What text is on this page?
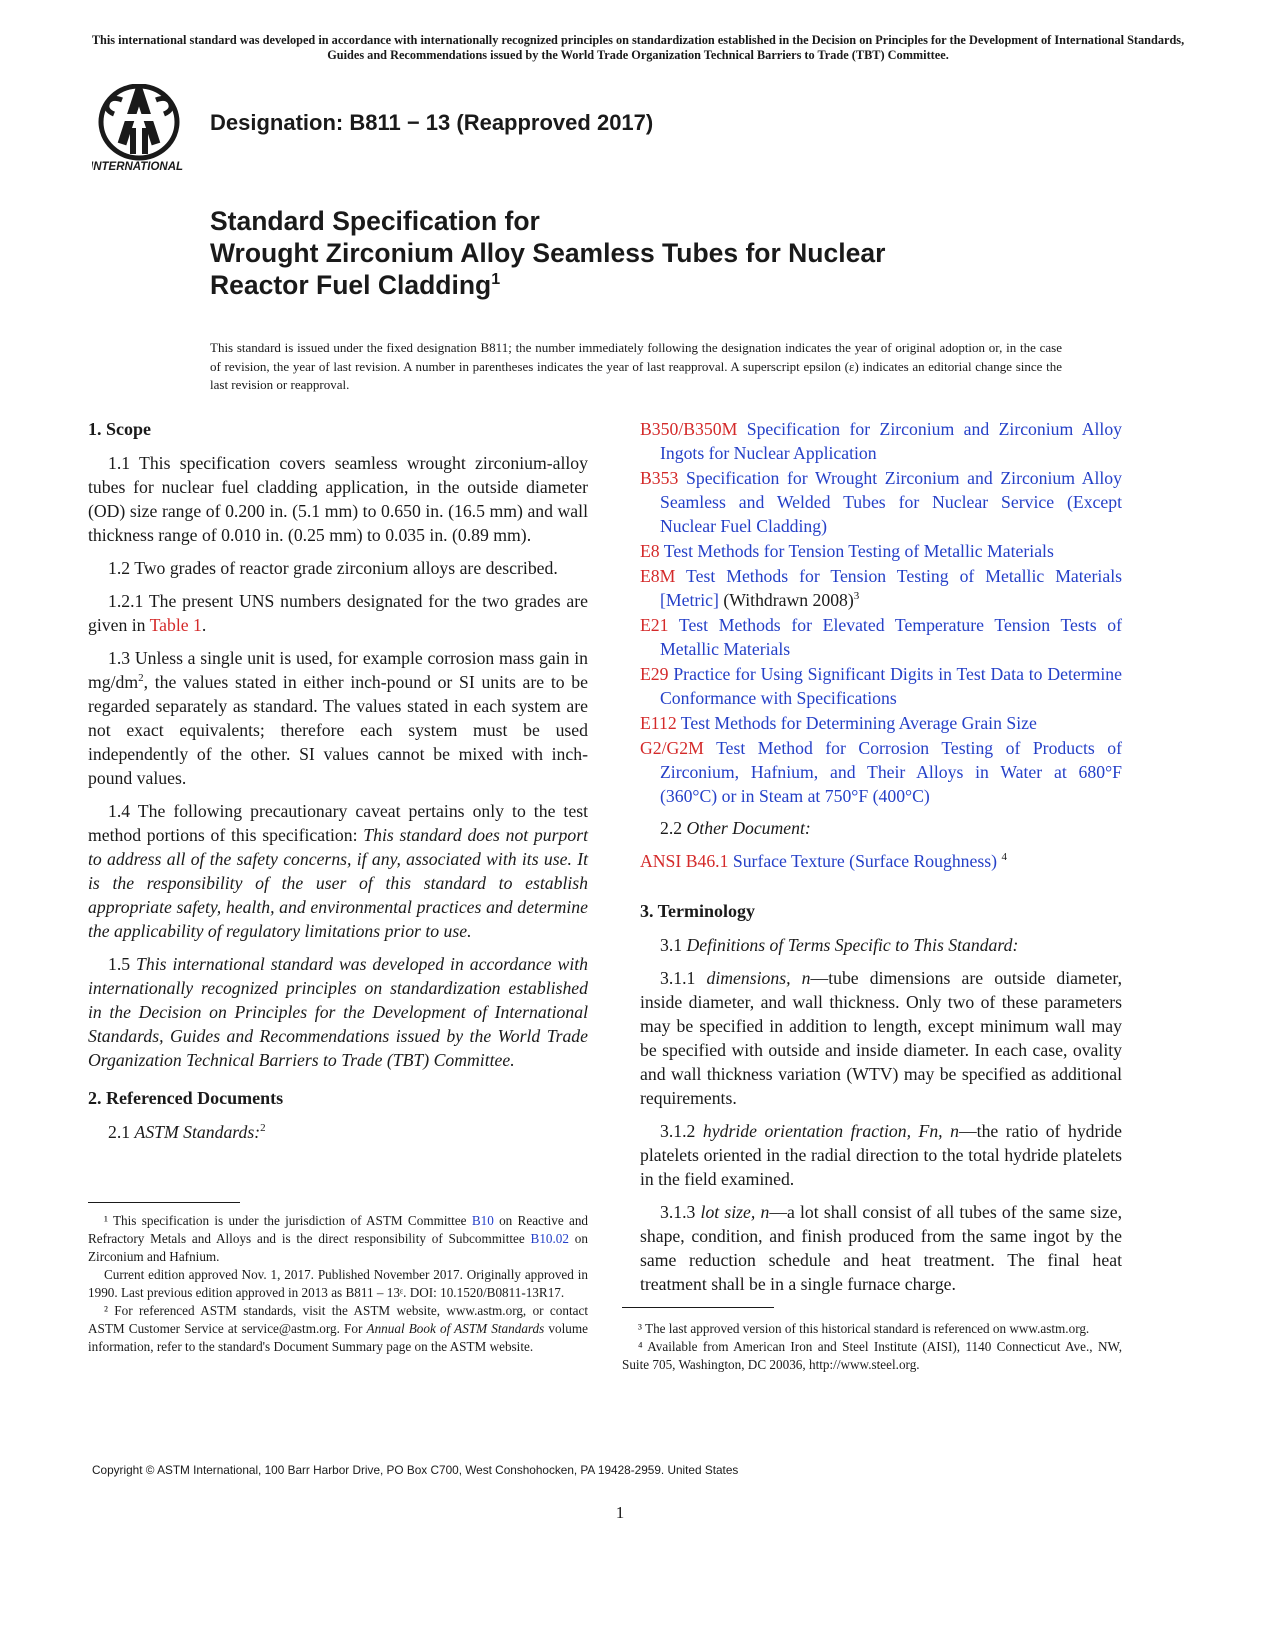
This international standard was developed in accordance with internationally recognized principles on standardization established in the Decision on Principles for the Development of International Standards, Guides and Recommendations issued by the World Trade Organization Technical Barriers to Trade (TBT) Committee.
INTERNATIONAL
Designation: B811 − 13 (Reapproved 2017)
Standard Specification for
Wrought Zirconium Alloy Seamless Tubes for Nuclear
Reactor Fuel Cladding$^1$
This standard is issued under the fixed designation B811; the number immediately following the designation indicates the year of original adoption or, in the case of revision, the year of last revision. A number in parentheses indicates the year of last reapproval. A superscript epsilon (ε) indicates an editorial change since the last revision or reapproval.
1. Scope

1.1 This specification covers seamless wrought zirconium-alloy tubes for nuclear fuel cladding application, in the outside diameter (OD) size range of 0.200 in. (5.1 mm) to 0.650 in. (16.5 mm) and wall thickness range of 0.010 in. (0.25 mm) to 0.035 in. (0.89 mm).

1.2 Two grades of reactor grade zirconium alloys are described.

1.2.1 The present UNS numbers designated for the two grades are given in Table 1.

1.3 Unless a single unit is used, for example corrosion mass gain in $mg/dm^2$, the values stated in either inch-pound or SI units are to be regarded separately as standard. The values stated in each system are not exact equivalents; therefore each system must be used independently of the other. SI values cannot be mixed with inch-pound values.

1.4 The following precautionary caveat pertains only to the test method portions of this specification: This standard does not purport to address all of the safety concerns, if any, associated with its use. It is the responsibility of the user of this standard to establish appropriate safety, health, and environmental practices and determine the applicability of regulatory limitations prior to use.

1.5 This international standard was developed in accordance with internationally recognized principles on standardization established in the Decision on Principles for the Development of International Standards, Guides and Recommendations issued by the World Trade Organization Technical Barriers to Trade (TBT) Committee.

2. Referenced Documents

2.1 ASTM Standards:$^2$

¹ This specification is under the jurisdiction of ASTM Committee B10 on Reactive and Refractory Metals and Alloys and is the direct responsibility of Subcommittee B10.02 on Zirconium and Hafnium.

Current edition approved Nov. 1, 2017. Published November 2017. Originally approved in 1990. Last previous edition approved in 2013 as B811 – 13ᵋ. DOI: 10.1520/B0811-13R17.

² For referenced ASTM standards, visit the ASTM website, www.astm.org, or contact ASTM Customer Service at service@astm.org. For Annual Book of ASTM Standards volume information, refer to the standard's Document Summary page on the ASTM website.

B350/B350M Specification for Zirconium and Zirconium Alloy Ingots for Nuclear Application
B353 Specification for Wrought Zirconium and Zirconium Alloy Seamless and Welded Tubes for Nuclear Service (Except Nuclear Fuel Cladding)
E8 Test Methods for Tension Testing of Metallic Materials
E8M Test Methods for Tension Testing of Metallic Materials [Metric] (Withdrawn 2008)$^3$
E21 Test Methods for Elevated Temperature Tension Tests of Metallic Materials
E29 Practice for Using Significant Digits in Test Data to Determine Conformance with Specifications
E112 Test Methods for Determining Average Grain Size
G2/G2M Test Method for Corrosion Testing of Products of Zirconium, Hafnium, and Their Alloys in Water at 680°F (360°C) or in Steam at 750°F (400°C)

2.2 Other Document:

ANSI B46.1 Surface Texture (Surface Roughness) $^4$
3. Terminology

3.1 Definitions of Terms Specific to This Standard:

3.1.1 dimensions, n—tube dimensions are outside diameter, inside diameter, and wall thickness. Only two of these parameters may be specified in addition to length, except minimum wall may be specified with outside and inside diameter. In each case, ovality and wall thickness variation (WTV) may be specified as additional requirements.

3.1.2 hydride orientation fraction, Fn, n—the ratio of hydride platelets oriented in the radial direction to the total hydride platelets in the field examined.

3.1.3 lot size, n—a lot shall consist of all tubes of the same size, shape, condition, and finish produced from the same ingot by the same reduction schedule and heat treatment. The final heat treatment shall be in a single furnace charge.

³ The last approved version of this historical standard is referenced on www.astm.org.

⁴ Available from American Iron and Steel Institute (AISI), 1140 Connecticut Ave., NW, Suite 705, Washington, DC 20036, http://www.steel.org.

Copyright © ASTM International, 100 Barr Harbor Drive, PO Box C700, West Conshohocken, PA 19428-2959. United States
1
